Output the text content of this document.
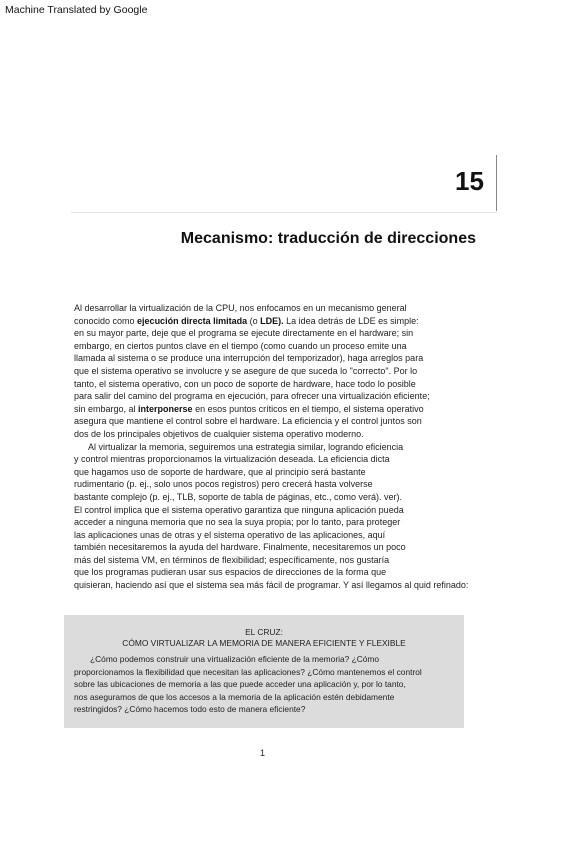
Machine Translated by Google
15
Mecanismo: traducción de direcciones
Al desarrollar la virtualización de la CPU, nos enfocamos en un mecanismo general
conocido como ejecución directa limitada (o LDE). La idea detrás de LDE es simple:
en su mayor parte, deje que el programa se ejecute directamente en el hardware; sin
embargo, en ciertos puntos clave en el tiempo (como cuando un proceso emite una
llamada al sistema o se produce una interrupción del temporizador), haga arreglos para
que el sistema operativo se involucre y se asegure de que suceda lo "correcto". Por lo
tanto, el sistema operativo, con un poco de soporte de hardware, hace todo lo posible
para salir del camino del programa en ejecución, para ofrecer una virtualización eficiente;
sin embargo, al interponerse en esos puntos críticos en el tiempo, el sistema operativo
asegura que mantiene el control sobre el hardware. La eficiencia y el control juntos son
dos de los principales objetivos de cualquier sistema operativo moderno.
Al virtualizar la memoria, seguiremos una estrategia similar, logrando eficiencia
y control mientras proporcionamos la virtualización deseada. La eficiencia dicta
que hagamos uso de soporte de hardware, que al principio será bastante
rudimentario (p. ej., solo unos pocos registros) pero crecerá hasta volverse
bastante complejo (p. ej., TLB, soporte de tabla de páginas, etc., como verá). ver).
El control implica que el sistema operativo garantiza que ninguna aplicación pueda
acceder a ninguna memoria que no sea la suya propia; por lo tanto, para proteger
las aplicaciones unas de otras y el sistema operativo de las aplicaciones, aquí
también necesitaremos la ayuda del hardware. Finalmente, necesitaremos un poco
más del sistema VM, en términos de flexibilidad; específicamente, nos gustaría
que los programas pudieran usar sus espacios de direcciones de la forma que
quisieran, haciendo así que el sistema sea más fácil de programar. Y así llegamos al quid refinado:
EL CRUZ:
CÓMO VIRTUALIZAR LA MEMORIA DE MANERA EFICIENTE Y FLEXIBLE
¿Cómo podemos construir una virtualización eficiente de la memoria? ¿Cómo
proporcionamos la flexibilidad que necesitan las aplicaciones? ¿Cómo mantenemos el control
sobre las ubicaciones de memoria a las que puede acceder una aplicación y, por lo tanto,
nos aseguramos de que los accesos a la memoria de la aplicación estén debidamente
restringidos? ¿Cómo hacemos todo esto de manera eficiente?
1
